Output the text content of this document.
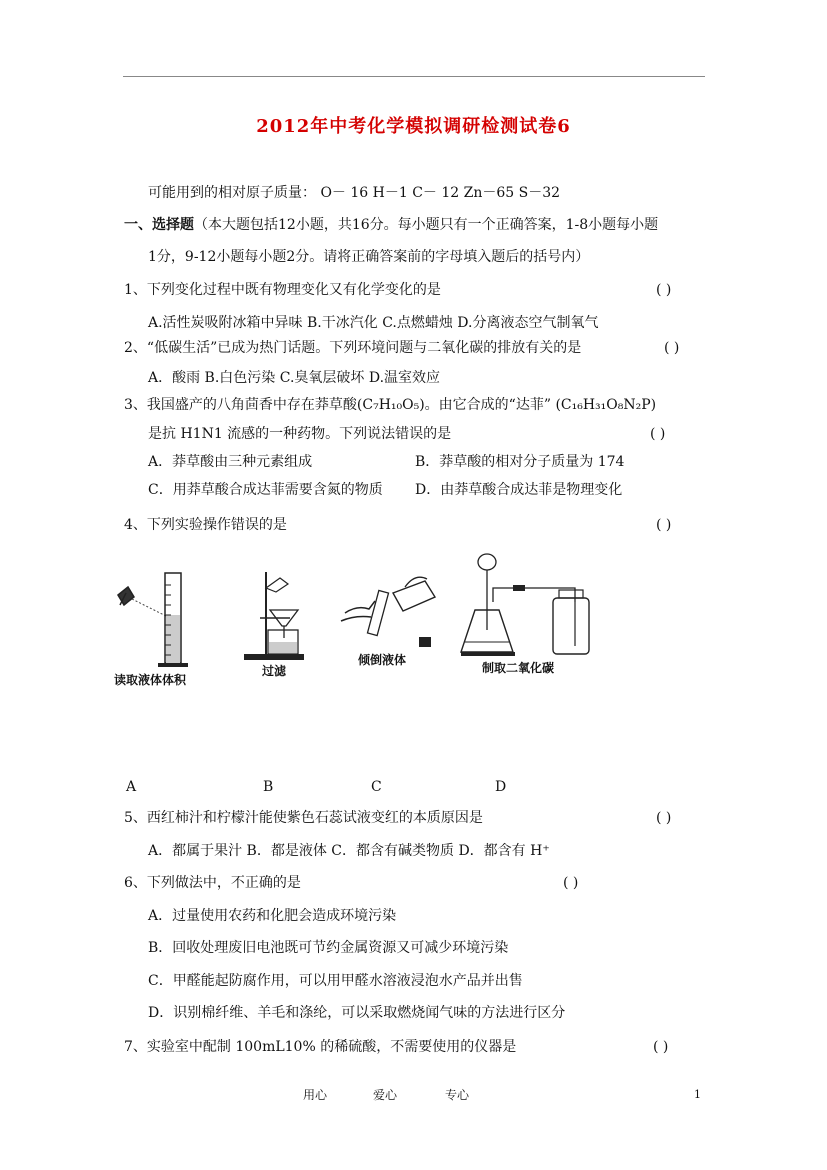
2012年中考化学模拟调研检测试卷6
可能用到的相对原子质量： O－ 16 H－1 C－ 12 Zn－65 S－32
一、选择题（本大题包括12小题，共16分。每小题只有一个正确答案，1-8小题每小题
1分，9-12小题每小题2分。请将正确答案前的字母填入题后的括号内）
1、下列变化过程中既有物理变化又有化学变化的是	( )
A.活性炭吸附冰箱中异味 B.干冰汽化 C.点燃蜡烛 D.分离液态空气制氧气
2、“低碳生活”已成为热门话题。下列环境问题与二氧化碳的排放有关的是	( )
A．酸雨 B.白色污染 C.臭氧层破坏 D.温室效应
3、我国盛产的八角茴香中存在莽草酸(C₇H₁₀O₅)。由它合成的“达菲” (C₁₆H₃₁O₈N₂P)
是抗 H1N1 流感的一种药物。下列说法错误的是	( )
A．莽草酸由三种元素组成	B．莽草酸的相对分子质量为 174
C．用莽草酸合成达菲需要含氮的物质 D．由莽草酸合成达菲是物理变化
4、下列实验操作错误的是	( )
读取液体体积
过滤
倾倒液体
制取二氧化碳
A	B	C	D
5、西红柿汁和柠檬汁能使紫色石蕊试液变红的本质原因是	( )
A．都属于果汁 B．都是液体 C．都含有碱类物质 D．都含有 H⁺
6、下列做法中，不正确的是	( )
A．过量使用农药和化肥会造成环境污染
B．回收处理废旧电池既可节约金属资源又可减少环境污染
C．甲醛能起防腐作用，可以用甲醛水溶液浸泡水产品并出售
D．识别棉纤维、羊毛和涤纶，可以采取燃烧闻气味的方法进行区分
7、实验室中配制 100mL10% 的稀硫酸，不需要使用的仪器是	( )
用心	爱心	专心	1
